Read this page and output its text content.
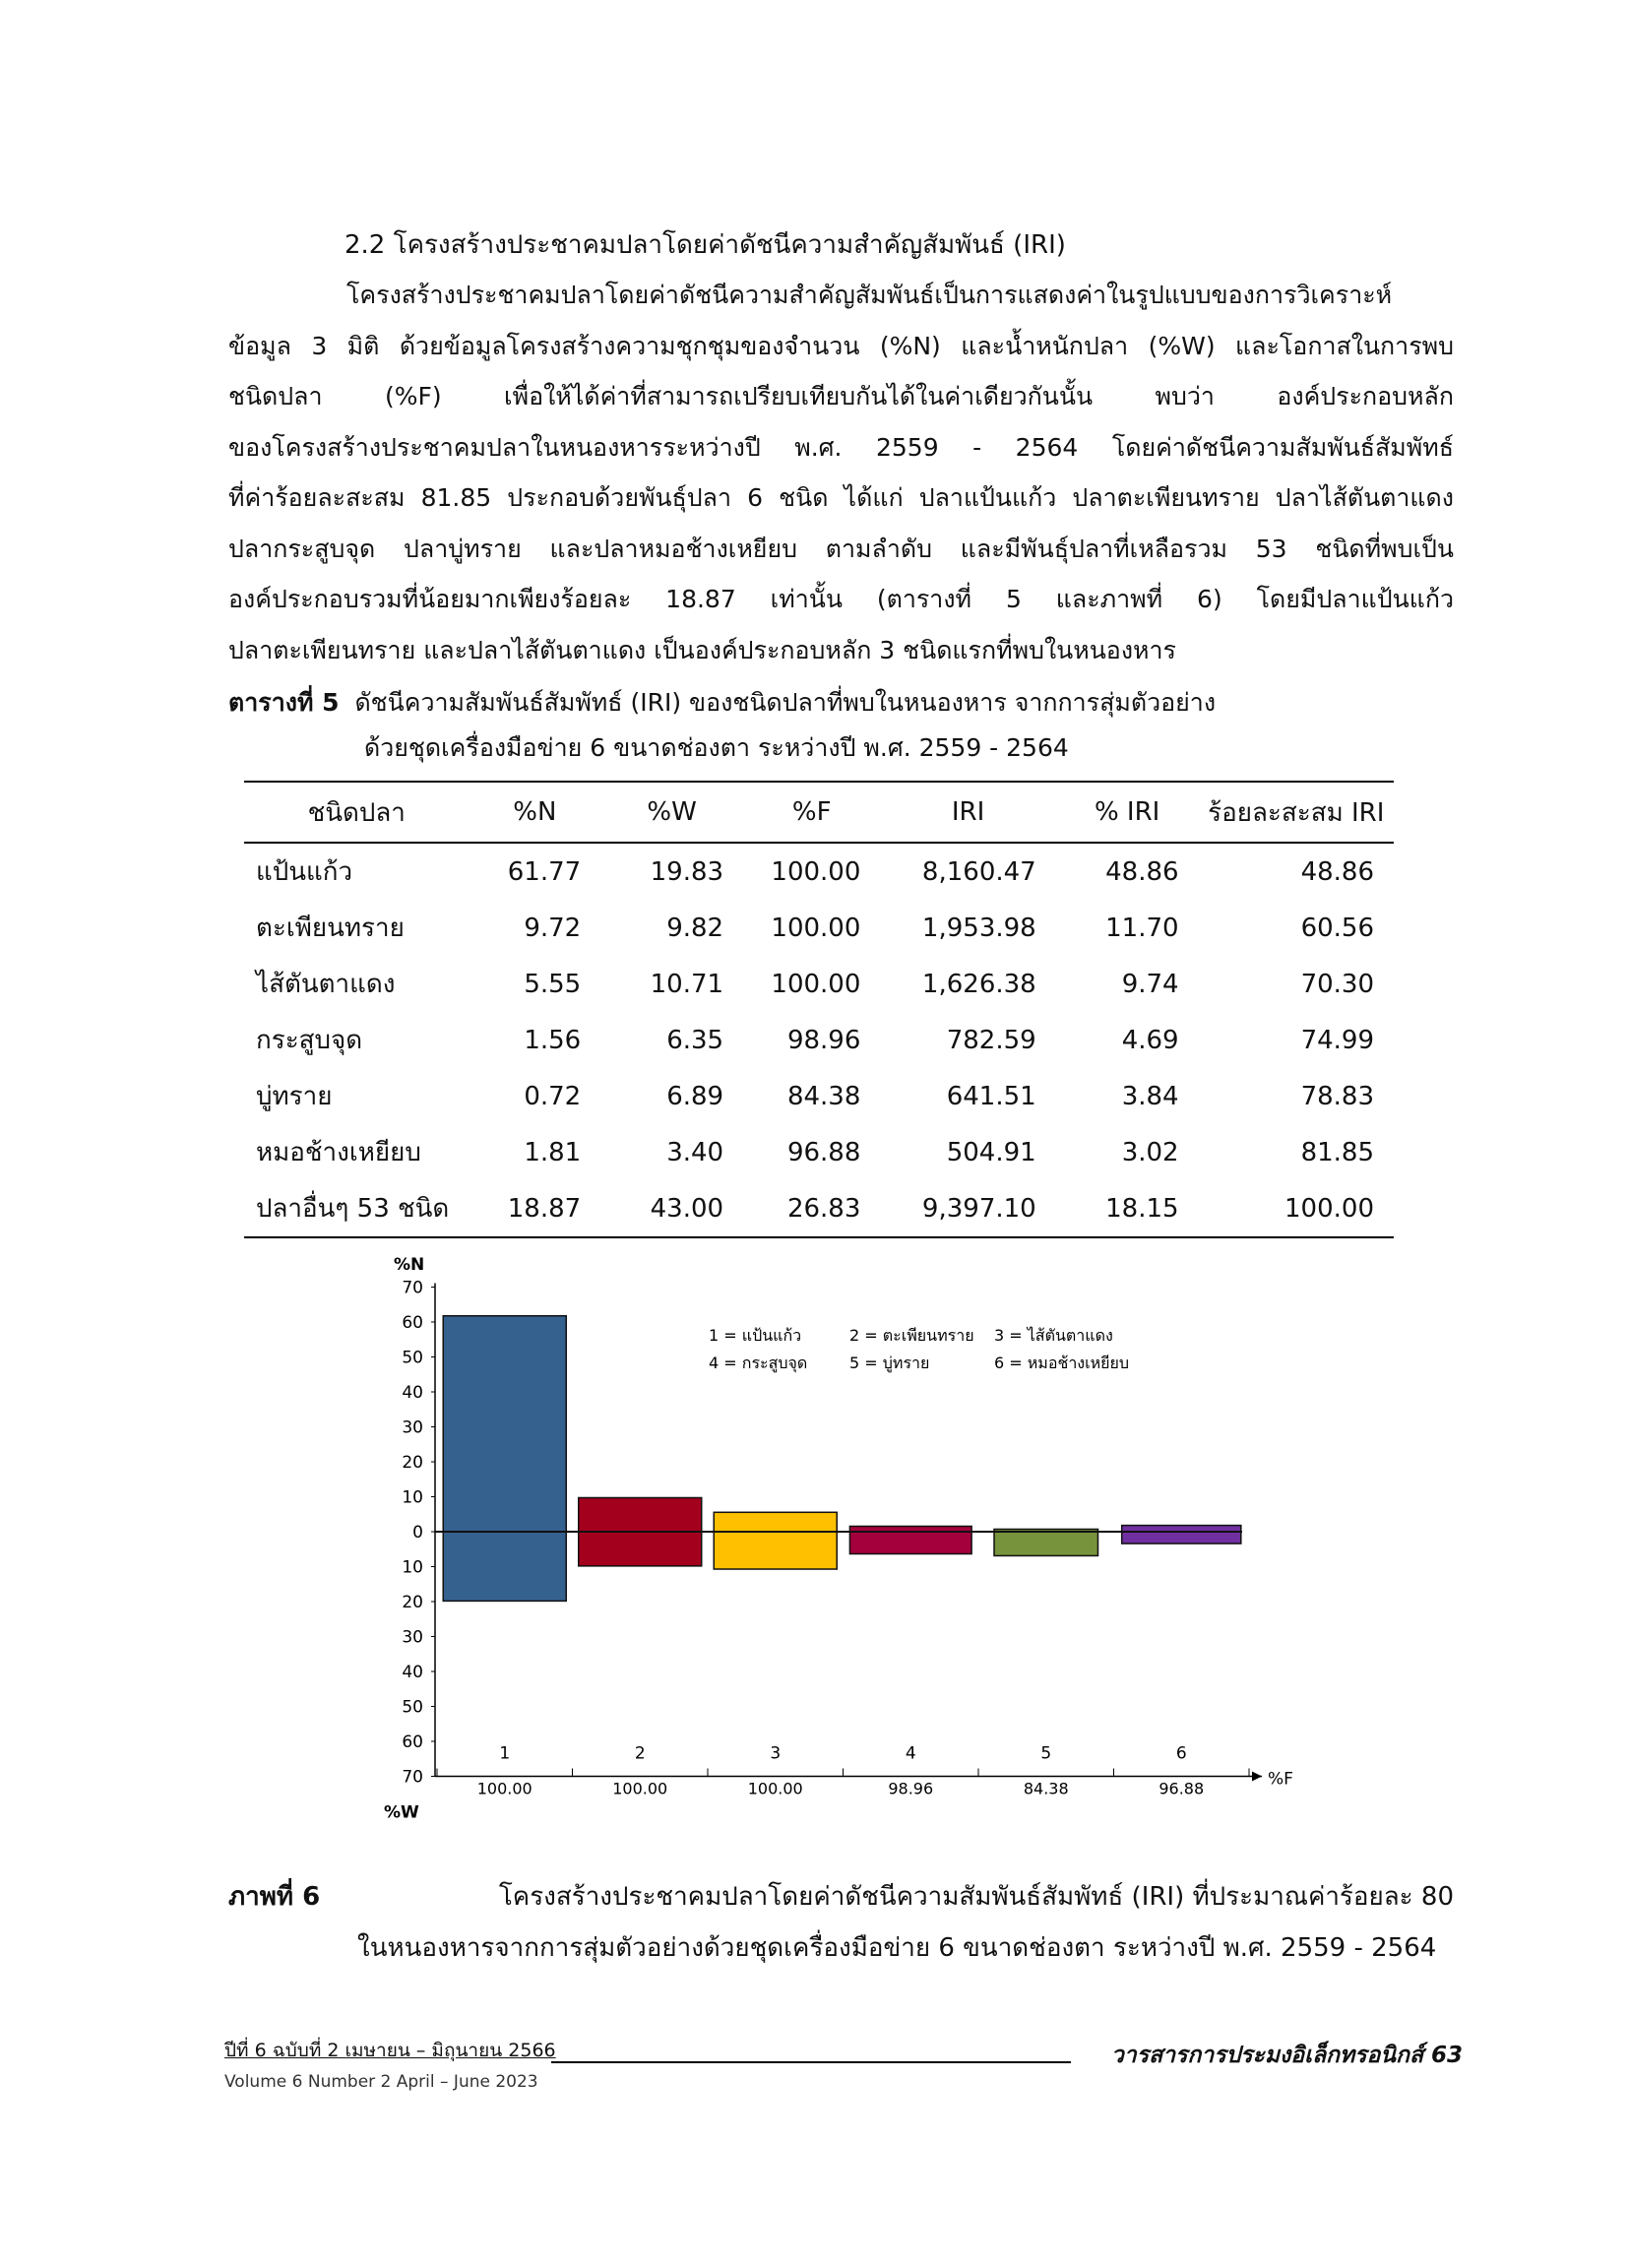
2.2 โครงสร้างประชาคมปลาโดยค่าดัชนีความสำคัญสัมพันธ์ (IRI)
โครงสร้างประชาคมปลาโดยค่าดัชนีความสำคัญสัมพันธ์เป็นการแสดงค่าในรูปแบบของการวิเคราะห์
ข้อมูล 3 มิติ ด้วยข้อมูลโครงสร้างความชุกชุมของจำนวน (%N) และน้ำหนักปลา (%W) และโอกาสในการพบ
ชนิดปลา (%F) เพื่อให้ได้ค่าที่สามารถเปรียบเทียบกันได้ในค่าเดียวกันนั้น พบว่า องค์ประกอบหลัก
ของโครงสร้างประชาคมปลาในหนองหารระหว่างปี พ.ศ. 2559 - 2564 โดยค่าดัชนีความสัมพันธ์สัมพัทธ์
ที่ค่าร้อยละสะสม 81.85 ประกอบด้วยพันธุ์ปลา 6 ชนิด ได้แก่ ปลาแป้นแก้ว ปลาตะเพียนทราย ปลาไส้ตันตาแดง
ปลากระสูบจุด ปลาบู่ทราย และปลาหมอช้างเหยียบ ตามลำดับ และมีพันธุ์ปลาที่เหลือรวม 53 ชนิดที่พบเป็น
องค์ประกอบรวมที่น้อยมากเพียงร้อยละ 18.87 เท่านั้น (ตารางที่ 5 และภาพที่ 6) โดยมีปลาแป้นแก้ว
ปลาตะเพียนทราย และปลาไส้ตันตาแดง เป็นองค์ประกอบหลัก 3 ชนิดแรกที่พบในหนองหาร
ตารางที่ 5 ดัชนีความสัมพันธ์สัมพัทธ์ (IRI) ของชนิดปลาที่พบในหนองหาร จากการสุ่มตัวอย่าง
ด้วยชุดเครื่องมือข่าย 6 ขนาดช่องตา ระหว่างปี พ.ศ. 2559 - 2564
ชนิดปลา	%N	%W	%F	IRI	% IRI	ร้อยละสะสม IRI
แป้นแก้ว	61.77	19.83	100.00	8,160.47	48.86	48.86
ตะเพียนทราย	9.72	9.82	100.00	1,953.98	11.70	60.56
ไส้ตันตาแดง	5.55	10.71	100.00	1,626.38	9.74	70.30
กระสูบจุด	1.56	6.35	98.96	782.59	4.69	74.99
บู่ทราย	0.72	6.89	84.38	641.51	3.84	78.83
หมอช้างเหยียบ	1.81	3.40	96.88	504.91	3.02	81.85
ปลาอื่นๆ 53 ชนิด	18.87	43.00	26.83	9,397.10	18.15	100.00
%N
%W
0
10
20
30
40
50
60
70
10
20
30
40
50
60
70
1
100.00
2
100.00
3
100.00
4
98.96
5
84.38
6
96.88	%F
1 = แป้นแก้ว	2 = ตะเพียนทราย 3 = ไส้ตันตาแดง
4 = กระสูบจุด	5 = บู่ทราย	6 = หมอช้างเหยียบ
ภาพที่ 6	โครงสร้างประชาคมปลาโดยค่าดัชนีความสัมพันธ์สัมพัทธ์ (IRI) ที่ประมาณค่าร้อยละ 80
ในหนองหารจากการสุ่มตัวอย่างด้วยชุดเครื่องมือข่าย 6 ขนาดช่องตา ระหว่างปี พ.ศ. 2559 - 2564
ปีที่ 6 ฉบับที่ 2 เมษายน – มิถุนายน 2566
Volume 6 Number 2 April – June 2023
วารสารการประมงอิเล็กทรอนิกส์ 63
